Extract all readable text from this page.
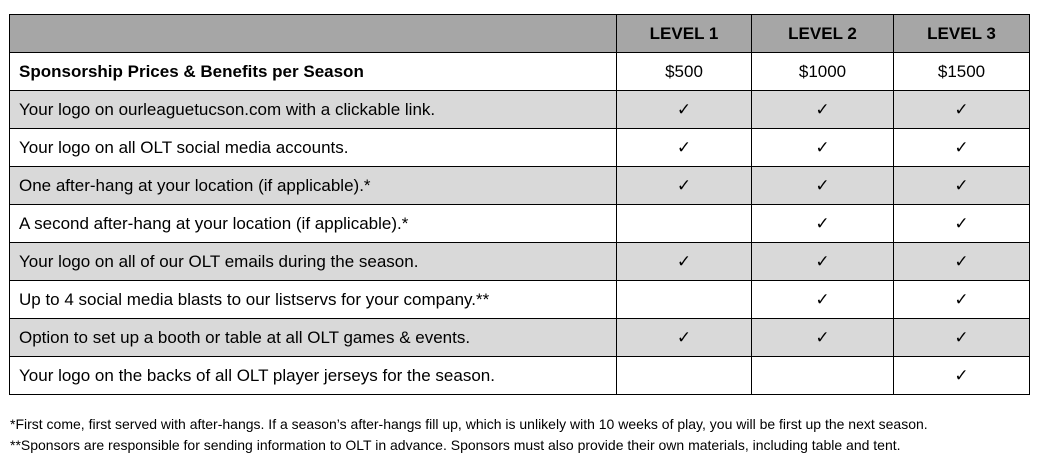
	LEVEL 1	LEVEL 2	LEVEL 3
Sponsorship Prices & Benefits per Season	$500	$1000	$1500
Your logo on ourleaguetucson.com with a clickable link.	✓	✓	✓
Your logo on all OLT social media accounts.	✓	✓	✓
One after-hang at your location (if applicable).*	✓	✓	✓
A second after-hang at your location (if applicable).*		✓	✓
Your logo on all of our OLT emails during the season.	✓	✓	✓
Up to 4 social media blasts to our listservs for your company.**		✓	✓
Option to set up a booth or table at all OLT games & events.	✓	✓	✓
Your logo on the backs of all OLT player jerseys for the season.			✓

*First come, first served with after-hangs. If a season’s after-hangs fill up, which is unlikely with 10 weeks of play, you will be first up the next season.

**Sponsors are responsible for sending information to OLT in advance. Sponsors must also provide their own materials, including table and tent.
